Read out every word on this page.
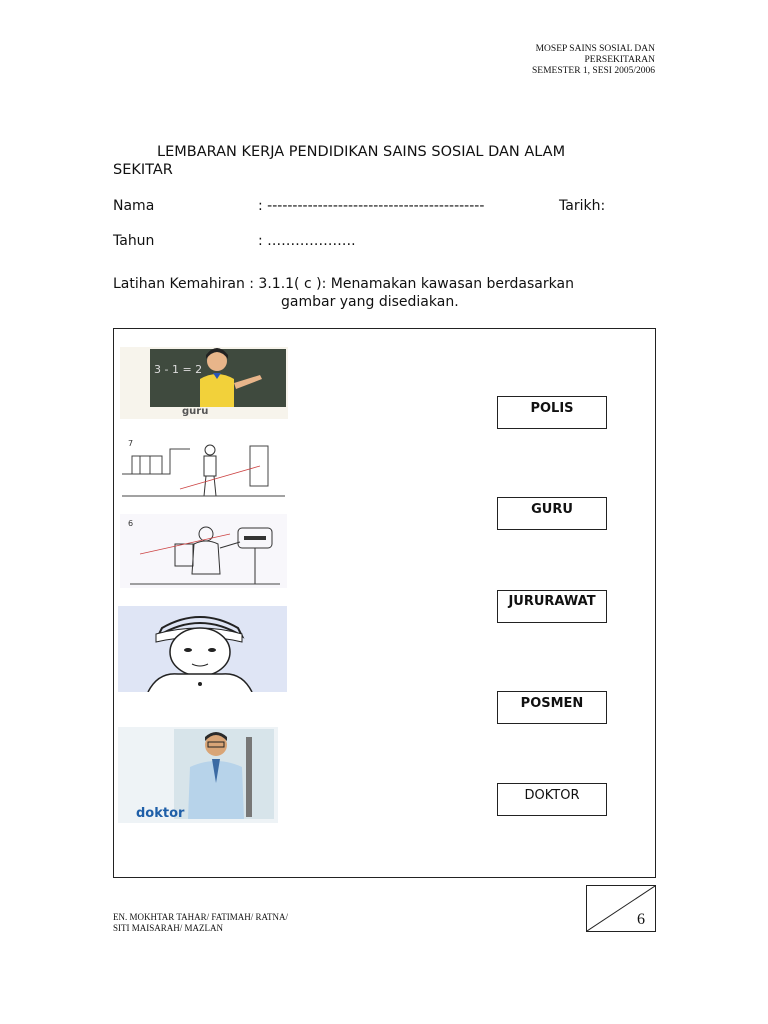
MOSEP SAINS SOSIAL DAN
PERSEKITARAN
SEMESTER 1, SESI 2005/2006
LEMBARAN KERJA PENDIDIKAN SAINS SOSIAL DAN ALAM
SEKITAR
Nama	: -------------------------------------------	Tarikh:
Tahun	: ……………….
Latihan Kemahiran : 3.1.1( c ): Menamakan kawasan berdasarkan
gambar yang disediakan.
3 - 1 = 2
guru
7
6
doktor
POLIS
GURU
JURURAWAT
POSMEN
DOKTOR
EN. MOKHTAR TAHAR/ FATIMAH/ RATNA/
SITI MAISARAH/ MAZLAN	6
